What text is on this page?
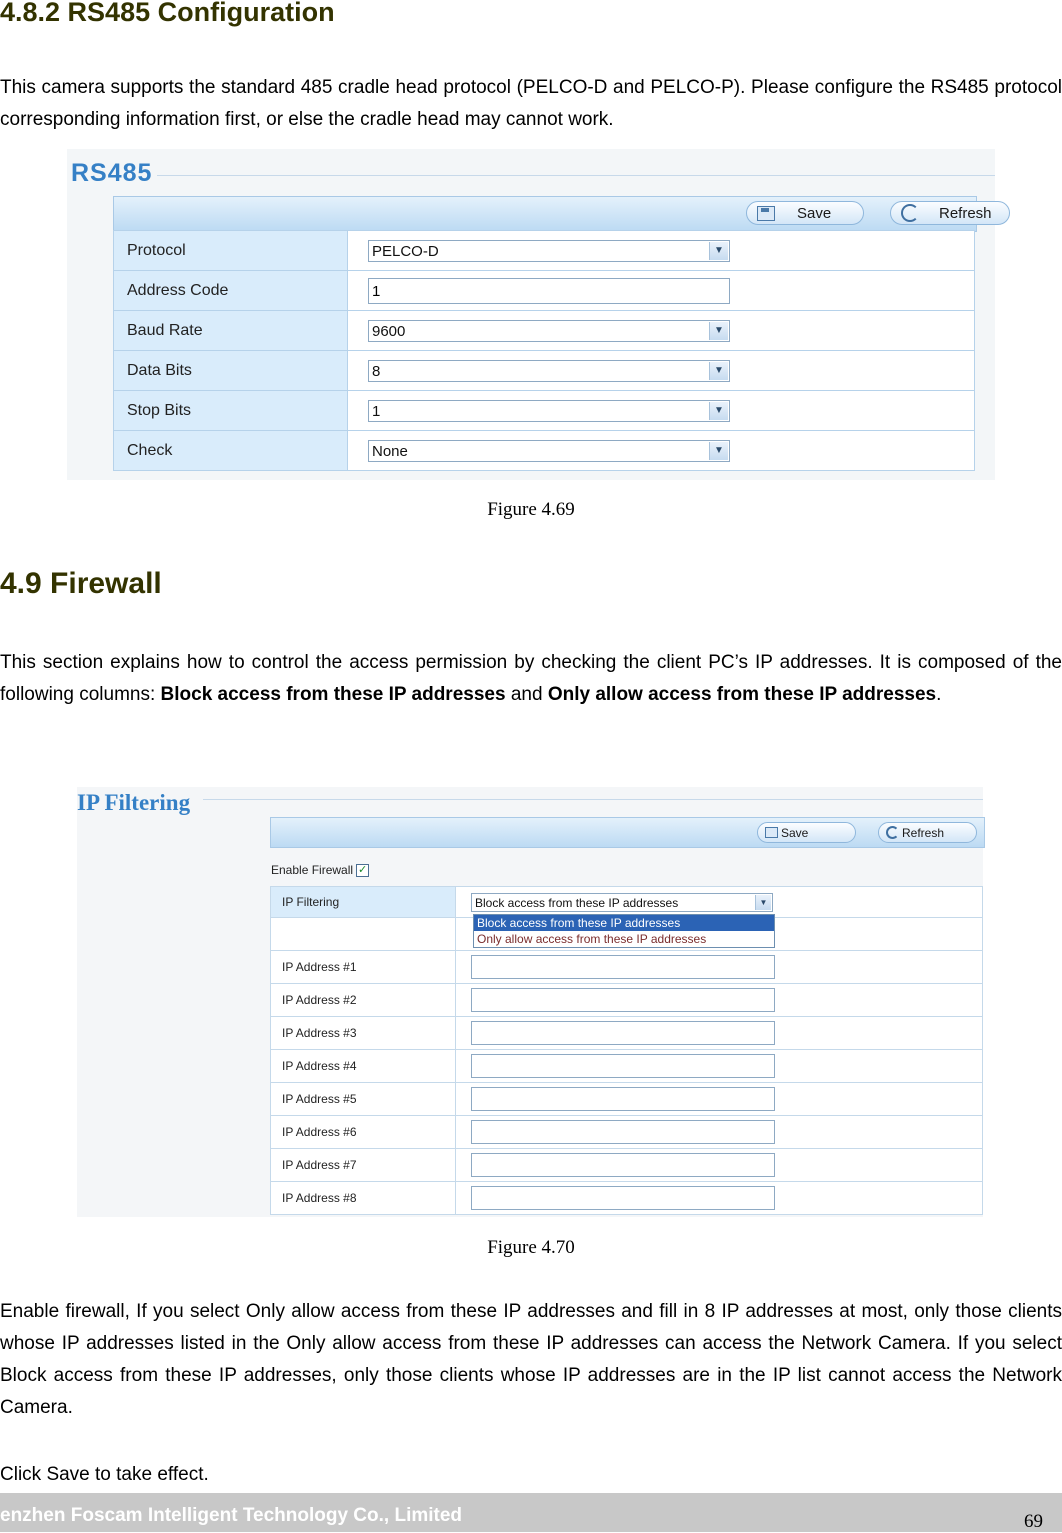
4.8.2 RS485 Configuration
This camera supports the standard 485 cradle head protocol (PELCO-D and PELCO-P). Please configure the RS485 protocol corresponding information first, or else the cradle head may cannot work.
RS485
Save	Refresh
Protocol	PELCO-D ▼

Address Code	1

Baud Rate	9600 ▼

Data Bits	8 ▼

Stop Bits	1 ▼

Check	None ▼
Figure 4.69
4.9 Firewall
This section explains how to control the access permission by checking the client PC’s IP addresses. It is composed of the following columns: Block access from these IP addresses and Only allow access from these IP addresses.
IP Filtering
Save	Refresh
Enable Firewall ✓
IP Filtering	Block access from these IP addresses ▼

IP Address #1	

IP Address #2	

IP Address #3	

IP Address #4	

IP Address #5	

IP Address #6	

IP Address #7	

IP Address #8	
Block access from these IP addresses
Only allow access from these IP addresses
Figure 4.70
Enable firewall, If you select Only allow access from these IP addresses and fill in 8 IP addresses at most, only those clients whose IP addresses listed in the Only allow access from these IP addresses can access the Network Camera. If you select Block access from these IP addresses, only those clients whose IP addresses are in the IP list cannot access the Network Camera.
Click Save to take effect.
enzhen Foscam Intelligent Technology Co., Limited	69
